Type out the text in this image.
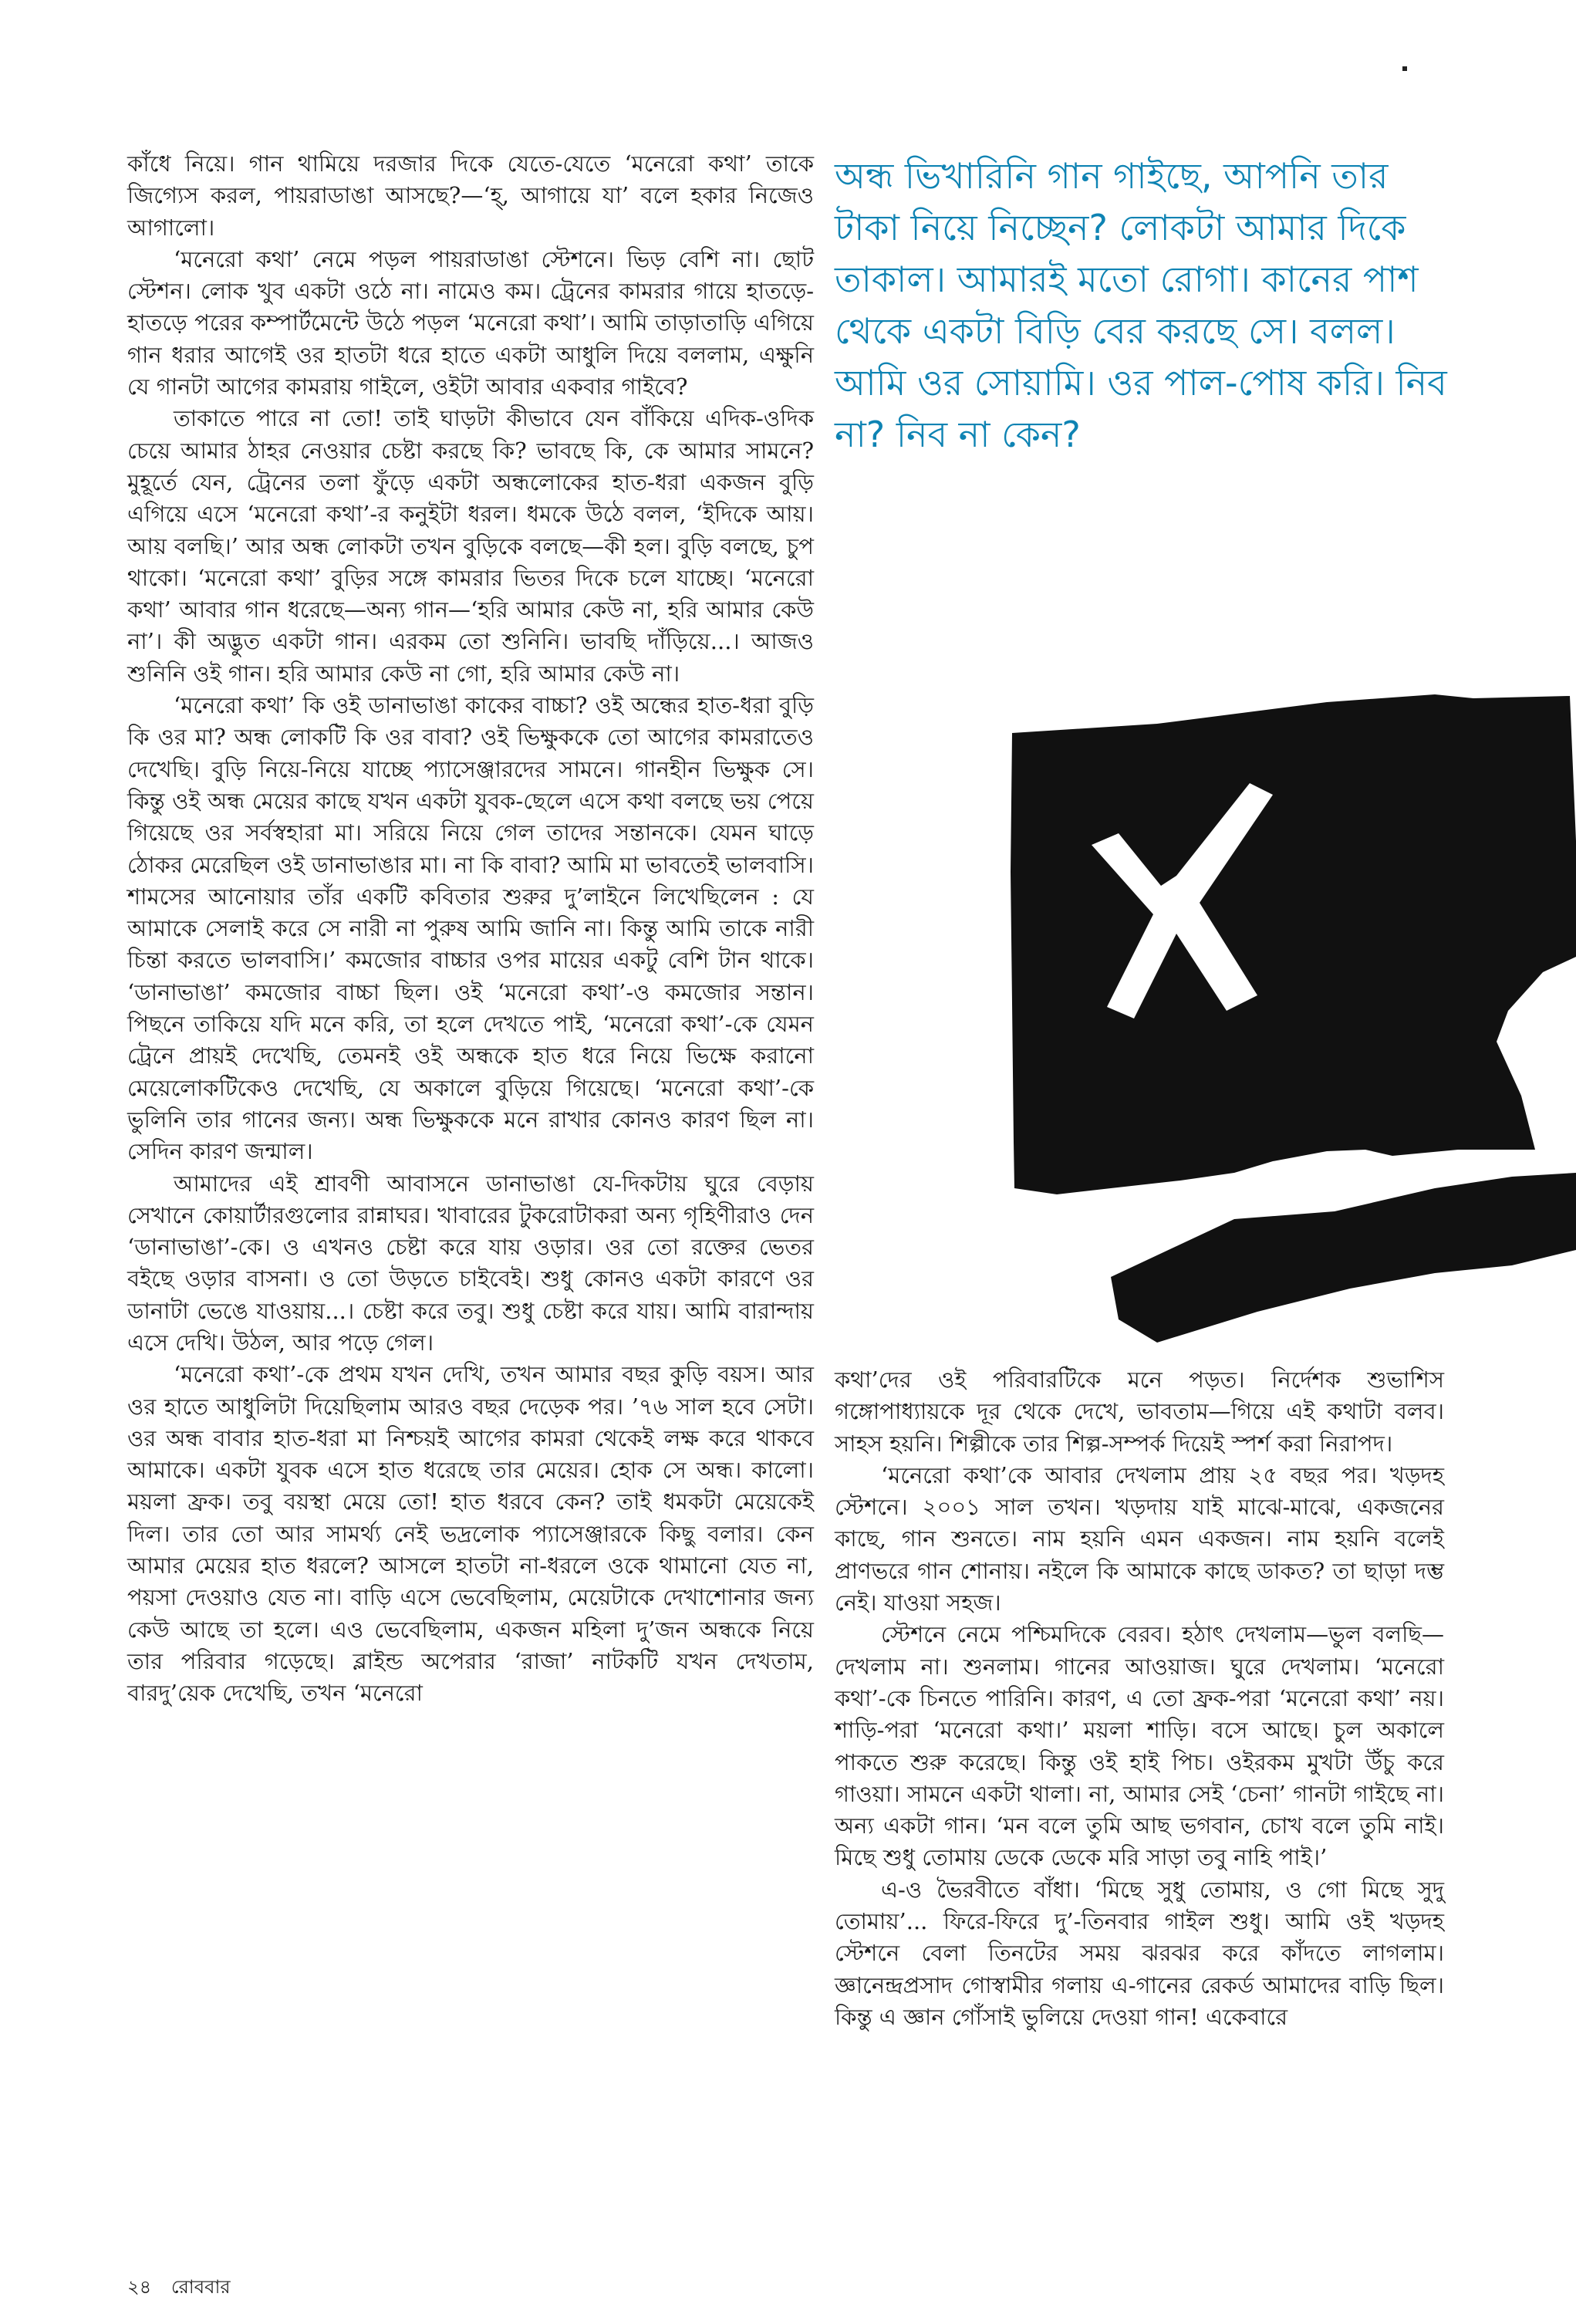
কাঁধে নিয়ে। গান থামিয়ে দরজার দিকে যেতে-যেতে ‘মনেরো কথা’ তাকে জিগ্যেস করল, পায়রাডাঙা আসছে?—‘হ্, আগায়ে যা’ বলে হকার নিজেও আগালো।

‘মনেরো কথা’ নেমে পড়ল পায়রাডাঙা স্টেশনে। ভিড় বেশি না। ছোট স্টেশন। লোক খুব একটা ওঠে না। নামেও কম। ট্রেনের কামরার গায়ে হাতড়ে-হাতড়ে পরের কম্পার্টমেন্টে উঠে পড়ল ‘মনেরো কথা’। আমি তাড়াতাড়ি এগিয়ে গান ধরার আগেই ওর হাতটা ধরে হাতে একটা আধুলি দিয়ে বললাম, এক্ষুনি যে গানটা আগের কামরায় গাইলে, ওইটা আবার একবার গাইবে?

তাকাতে পারে না তো! তাই ঘাড়টা কীভাবে যেন বাঁকিয়ে এদিক-ওদিক চেয়ে আমার ঠাহর নেওয়ার চেষ্টা করছে কি? ভাবছে কি, কে আমার সামনে? মুহূর্তে যেন, ট্রেনের তলা ফুঁড়ে একটা অন্ধলোকের হাত-ধরা একজন বুড়ি এগিয়ে এসে ‘মনেরো কথা’-র কনুইটা ধরল। ধমকে উঠে বলল, ‘ইদিকে আয়। আয় বলছি।’ আর অন্ধ লোকটা তখন বুড়িকে বলছে—কী হল। বুড়ি বলছে, চুপ থাকো। ‘মনেরো কথা’ বুড়ির সঙ্গে কামরার ভিতর দিকে চলে যাচ্ছে। ‘মনেরো কথা’ আবার গান ধরেছে—অন্য গান—‘হরি আমার কেউ না, হরি আমার কেউ না’। কী অদ্ভুত একটা গান। এরকম তো শুনিনি। ভাবছি দাঁড়িয়ে...। আজও শুনিনি ওই গান। হরি আমার কেউ না গো, হরি আমার কেউ না।

‘মনেরো কথা’ কি ওই ডানাভাঙা কাকের বাচ্চা? ওই অন্ধের হাত-ধরা বুড়ি কি ওর মা? অন্ধ লোকটি কি ওর বাবা? ওই ভিক্ষুককে তো আগের কামরাতেও দেখেছি। বুড়ি নিয়ে-নিয়ে যাচ্ছে প্যাসেঞ্জারদের সামনে। গানহীন ভিক্ষুক সে। কিন্তু ওই অন্ধ মেয়ের কাছে যখন একটা যুবক-ছেলে এসে কথা বলছে ভয় পেয়ে গিয়েছে ওর সর্বস্বহারা মা। সরিয়ে নিয়ে গেল তাদের সন্তানকে। যেমন ঘাড়ে ঠোকর মেরেছিল ওই ডানাভাঙার মা। না কি বাবা? আমি মা ভাবতেই ভালবাসি। শামসের আনোয়ার তাঁর একটি কবিতার শুরুর দু’লাইনে লিখেছিলেন : যে আমাকে সেলাই করে সে নারী না পুরুষ আমি জানি না। কিন্তু আমি তাকে নারী চিন্তা করতে ভালবাসি।’ কমজোর বাচ্চার ওপর মায়ের একটু বেশি টান থাকে। ‘ডানাভাঙা’ কমজোর বাচ্চা ছিল। ওই ‘মনেরো কথা’-ও কমজোর সন্তান। পিছনে তাকিয়ে যদি মনে করি, তা হলে দেখতে পাই, ‘মনেরো কথা’-কে যেমন ট্রেনে প্রায়ই দেখেছি, তেমনই ওই অন্ধকে হাত ধরে নিয়ে ভিক্ষে করানো মেয়েলোকটিকেও দেখেছি, যে অকালে বুড়িয়ে গিয়েছে। ‘মনেরো কথা’-কে ভুলিনি তার গানের জন্য। অন্ধ ভিক্ষুককে মনে রাখার কোনও কারণ ছিল না। সেদিন কারণ জন্মাল।

আমাদের এই শ্রাবণী আবাসনে ডানাভাঙা যে-দিকটায় ঘুরে বেড়ায় সেখানে কোয়ার্টারগুলোর রান্নাঘর। খাবারের টুকরোটাকরা অন্য গৃহিণীরাও দেন ‘ডানাভাঙা’-কে। ও এখনও চেষ্টা করে যায় ওড়ার। ওর তো রক্তের ভেতর বইছে ওড়ার বাসনা। ও তো উড়তে চাইবেই। শুধু কোনও একটা কারণে ওর ডানাটা ভেঙে যাওয়ায়...। চেষ্টা করে তবু। শুধু চেষ্টা করে যায়। আমি বারান্দায় এসে দেখি। উঠল, আর পড়ে গেল।

‘মনেরো কথা’-কে প্রথম যখন দেখি, তখন আমার বছর কুড়ি বয়স। আর ওর হাতে আধুলিটা দিয়েছিলাম আরও বছর দেড়েক পর। ’৭৬ সাল হবে সেটা। ওর অন্ধ বাবার হাত-ধরা মা নিশ্চয়ই আগের কামরা থেকেই লক্ষ করে থাকবে আমাকে। একটা যুবক এসে হাত ধরেছে তার মেয়ের। হোক সে অন্ধ। কালো। ময়লা ফ্রক। তবু বয়স্থা মেয়ে তো! হাত ধরবে কেন? তাই ধমকটা মেয়েকেই দিল। তার তো আর সামর্থ্য নেই ভদ্রলোক প্যাসেঞ্জারকে কিছু বলার। কেন আমার মেয়ের হাত ধরলে? আসলে হাতটা না-ধরলে ওকে থামানো যেত না, পয়সা দেওয়াও যেত না। বাড়ি এসে ভেবেছিলাম, মেয়েটাকে দেখাশোনার জন্য কেউ আছে তা হলে। এও ভেবেছিলাম, একজন মহিলা দু’জন অন্ধকে নিয়ে তার পরিবার গড়েছে। ব্লাইন্ড অপেরার ‘রাজা’ নাটকটি যখন দেখতাম, বারদু’য়েক দেখেছি, তখন ‘মনেরো

অন্ধ ভিখারিনি গান গাইছে, আপনি তার টাকা নিয়ে নিচ্ছেন? লোকটা আমার দিকে তাকাল। আমারই মতো রোগা। কানের পাশ থেকে একটা বিড়ি বের করছে সে। বলল। আমি ওর সোয়ামি। ওর পাল-পোষ করি। নিব না? নিব না কেন?

কথা’দের ওই পরিবারটিকে মনে পড়ত। নির্দেশক শুভাশিস গঙ্গোপাধ্যায়কে দূর থেকে দেখে, ভাবতাম—গিয়ে এই কথাটা বলব। সাহস হয়নি। শিল্পীকে তার শিল্প-সম্পর্ক দিয়েই স্পর্শ করা নিরাপদ।

‘মনেরো কথা’কে আবার দেখলাম প্রায় ২৫ বছর পর। খড়দহ স্টেশনে। ২০০১ সাল তখন। খড়দায় যাই মাঝে-মাঝে, একজনের কাছে, গান শুনতে। নাম হয়নি এমন একজন। নাম হয়নি বলেই প্রাণভরে গান শোনায়। নইলে কি আমাকে কাছে ডাকত? তা ছাড়া দম্ভ নেই। যাওয়া সহজ।

স্টেশনে নেমে পশ্চিমদিকে বেরব। হঠাৎ দেখলাম—ভুল বলছি—দেখলাম না। শুনলাম। গানের আওয়াজ। ঘুরে দেখলাম। ‘মনেরো কথা’-কে চিনতে পারিনি। কারণ, এ তো ফ্রক-পরা ‘মনেরো কথা’ নয়। শাড়ি-পরা ‘মনেরো কথা।’ ময়লা শাড়ি। বসে আছে। চুল অকালে পাকতে শুরু করেছে। কিন্তু ওই হাই পিচ। ওইরকম মুখটা উঁচু করে গাওয়া। সামনে একটা থালা। না, আমার সেই ‘চেনা’ গানটা গাইছে না। অন্য একটা গান। ‘মন বলে তুমি আছ ভগবান, চোখ বলে তুমি নাই। মিছে শুধু তোমায় ডেকে ডেকে মরি সাড়া তবু নাহি পাই।’

এ-ও ভৈরবীতে বাঁধা। ‘মিছে সুধু তোমায়, ও গো মিছে সুদু তোমায়’... ফিরে-ফিরে দু’-তিনবার গাইল শুধু। আমি ওই খড়দহ স্টেশনে বেলা তিনটের সময় ঝরঝর করে কাঁদতে লাগলাম। জ্ঞানেন্দ্রপ্রসাদ গোস্বামীর গলায় এ-গানের রেকর্ড আমাদের বাড়ি ছিল। কিন্তু এ জ্ঞান গোঁসাই ভুলিয়ে দেওয়া গান! একেবারে

২৪ রোববার
